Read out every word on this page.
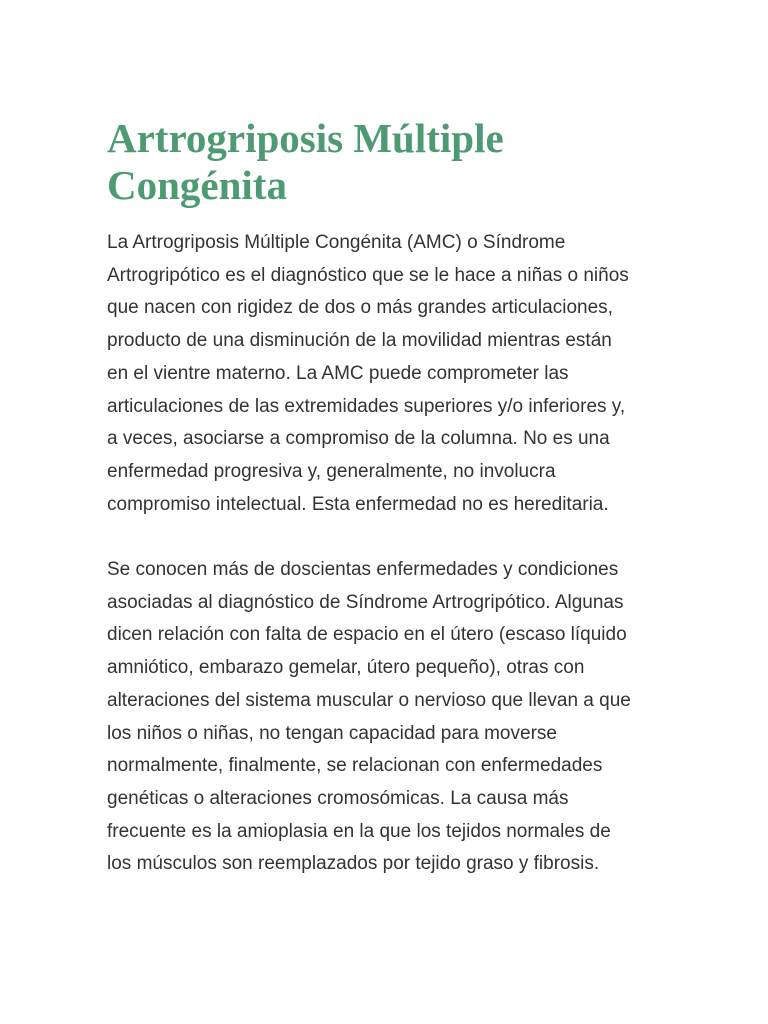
Artrogriposis Múltiple
Congénita

La Artrogriposis Múltiple Congénita (AMC) o Síndrome
Artrogripótico es el diagnóstico que se le hace a niñas o niños
que nacen con rigidez de dos o más grandes articulaciones,
producto de una disminución de la movilidad mientras están
en el vientre materno. La AMC puede comprometer las
articulaciones de las extremidades superiores y/o inferiores y,
a veces, asociarse a compromiso de la columna. No es una
enfermedad progresiva y, generalmente, no involucra
compromiso intelectual. Esta enfermedad no es hereditaria.

Se conocen más de doscientas enfermedades y condiciones
asociadas al diagnóstico de Síndrome Artrogripótico. Algunas
dicen relación con falta de espacio en el útero (escaso líquido
amniótico, embarazo gemelar, útero pequeño), otras con
alteraciones del sistema muscular o nervioso que llevan a que
los niños o niñas, no tengan capacidad para moverse
normalmente, finalmente, se relacionan con enfermedades
genéticas o alteraciones cromosómicas. La causa más
frecuente es la amioplasia en la que los tejidos normales de
los músculos son reemplazados por tejido graso y fibrosis.
